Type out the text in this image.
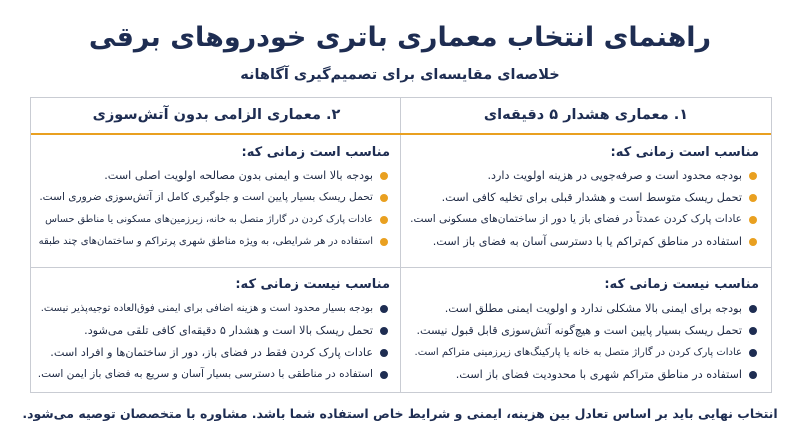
راهنمای انتخاب معماری باتری خودروهای برقی
خلاصه‌ای مقایسه‌ای برای تصمیم‌گیری آگاهانه
۱. معماری هشدار ۵ دقیقه‌ای
مناسب است زمانی که:
بودجه محدود است و صرفه‌جویی در هزینه اولویت دارد.
تحمل ریسک متوسط است و هشدار قبلی برای تخلیه کافی است.
عادات پارک کردن عمدتاً در فضای باز یا دور از ساختمان‌های مسکونی است.
استفاده در مناطق کم‌تراکم یا با دسترسی آسان به فضای باز است.
مناسب نیست زمانی که:
بودجه برای ایمنی بالا مشکلی ندارد و اولویت ایمنی مطلق است.
تحمل ریسک بسیار پایین است و هیچ‌گونه آتش‌سوزی قابل قبول نیست.
عادات پارک کردن در گاراژ متصل به خانه یا پارکینگ‌های زیرزمینی متراکم است.
استفاده در مناطق متراکم شهری با محدودیت فضای باز است.
۲. معماری الزامی بدون آتش‌سوزی
مناسب است زمانی که:
بودجه بالا است و ایمنی بدون مصالحه اولویت اصلی است.
تحمل ریسک بسیار پایین است و جلوگیری کامل از آتش‌سوزی ضروری است.
عادات پارک کردن در گاراژ متصل به خانه، زیرزمین‌های مسکونی یا مناطق حساس
استفاده در هر شرایطی، به ویژه مناطق شهری پرتراکم و ساختمان‌های چند طبقه
مناسب نیست زمانی که:
بودجه بسیار محدود است و هزینه اضافی برای ایمنی فوق‌العاده توجیه‌پذیر نیست.
تحمل ریسک بالا است و هشدار ۵ دقیقه‌ای کافی تلقی می‌شود.
عادات پارک کردن فقط در فضای باز، دور از ساختمان‌ها و افراد است.
استفاده در مناطقی با دسترسی بسیار آسان و سریع به فضای باز ایمن است.
انتخاب نهایی باید بر اساس تعادل بین هزینه، ایمنی و شرایط خاص استفاده شما باشد. مشاوره با متخصصان توصیه می‌شود.
